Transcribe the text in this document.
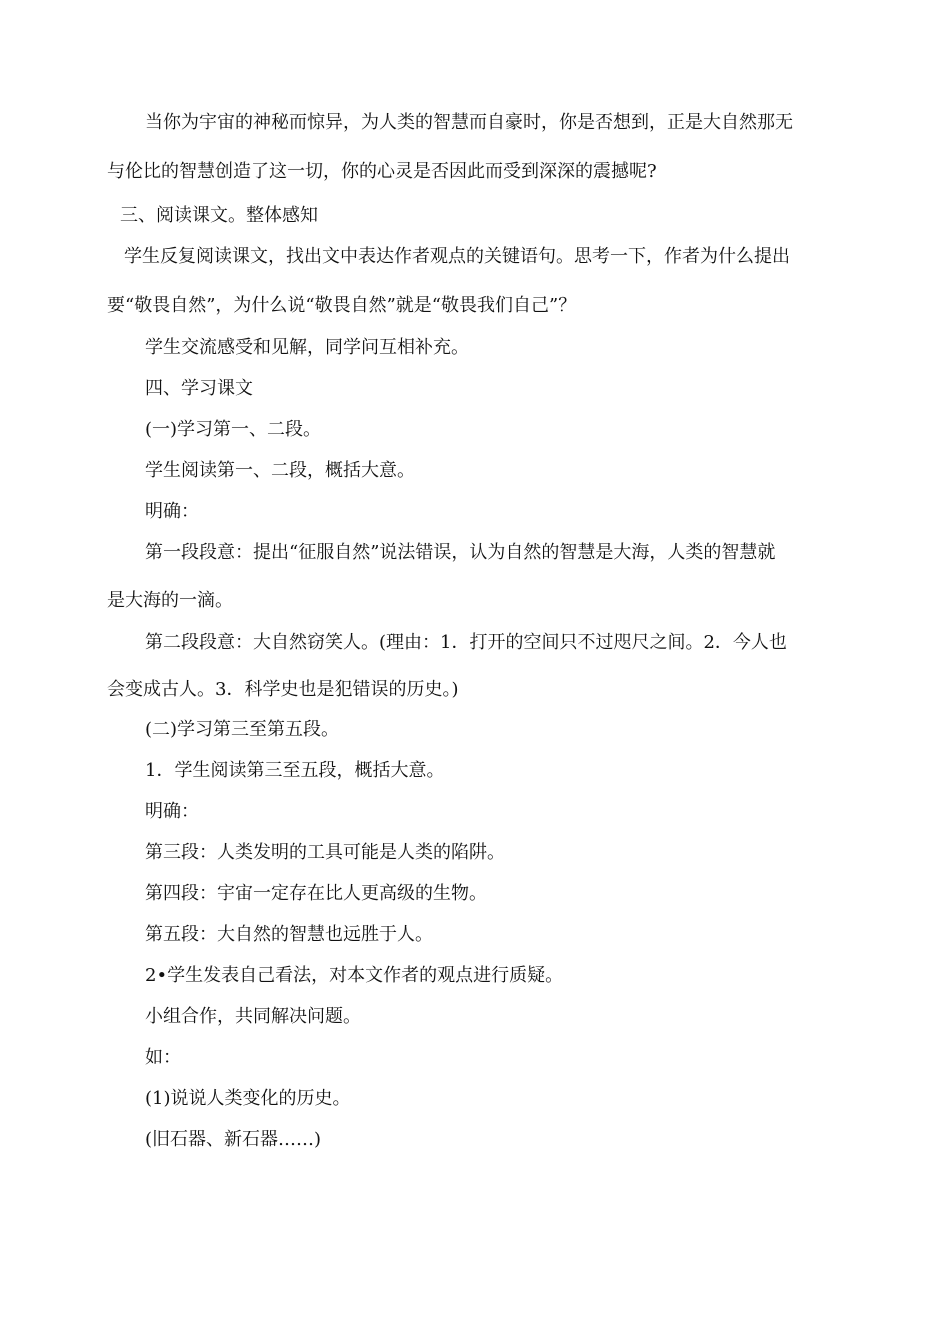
当你为宇宙的神秘而惊异，为人类的智慧而自豪时，你是否想到，正是大自然那无
与伦比的智慧创造了这一切，你的心灵是否因此而受到深深的震撼呢?
三、阅读课文。整体感知
学生反复阅读课文，找出文中表达作者观点的关键语句。思考一下，作者为什么提出
要“敬畏自然”，为什么说“敬畏自然”就是“敬畏我们自己”？
学生交流感受和见解，同学问互相补充。
四、学习课文
(一)学习第一、二段。
学生阅读第一、二段，概括大意。
明确：
第一段段意：提出“征服自然”说法错误，认为自然的智慧是大海，人类的智慧就
是大海的一滴。
第二段段意：大自然窃笑人。(理由：1．打开的空间只不过咫尺之间。2．今人也
会变成古人。3．科学史也是犯错误的历史。)
(二)学习第三至第五段。
1．学生阅读第三至五段，概括大意。
明确：
第三段：人类发明的工具可能是人类的陷阱。
第四段：宇宙一定存在比人更高级的生物。
第五段：大自然的智慧也远胜于人。
2•学生发表自己看法，对本文作者的观点进行质疑。
小组合作，共同解决问题。
如：
(1)说说人类变化的历史。
(旧石器、新石器……)
